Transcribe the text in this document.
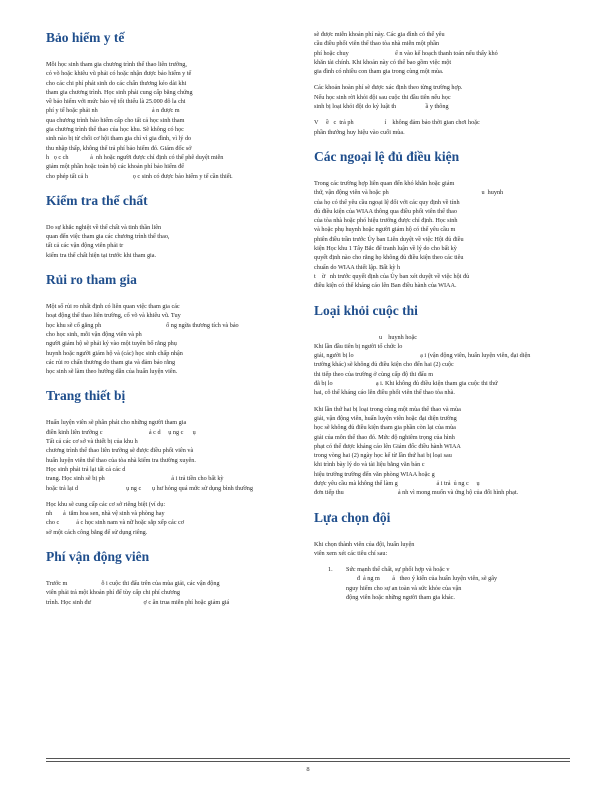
Bảo hiểm y tế
Mỗi học sinh tham gia chương trình thể thao liên trường,
có võ hoặc khiêu vũ phải có hoặc nhận được bảo hiểm y tế
cho các chi phí phát sinh do các chấn thương kéo dài khi
tham gia chương trình. Học sinh phải cung cấp bằng chứng
về bảo hiểm với mức bảo vệ tối thiểu là 25.000 đô la chi
phí y tế hoặc phải nh                                   ả n được m
qua chương trình bảo hiểm cấp cho tất cả học sinh tham
gia chương trình thể thao của học khu. Sẽ không có học
sinh nào bị từ chối cơ hội tham gia chỉ vì gia đình, vì lý do
thu nhập thấp, không thể trả phí bảo hiểm đó. Giám đốc sở
h   ọ c ch              ả  nh hoặc người được chỉ định có thể phê duyệt miễn
giảm một phần hoặc toàn bộ các khoản phí bảo hiểm để
cho phép tất cả h                             ọ c sinh có được bảo hiểm y tế cần thiết.
Kiểm tra thể chất
Do sự khắc nghiệt về thể chất và tinh thần liên
quan đến việc tham gia các chương trình thể thao,
tất cả các vận động viên phải tr
kiểm tra thể chất hiện tại trước khi tham gia.
Rủi ro tham gia
Một số rủi ro nhất định có liên quan việc tham gia các
hoạt động thể thao liên trường, cổ võ và khiêu vũ. Tuy
học khu sẽ cố gắng ph                                          ố ng ngừa thương tích và bảo
cho học sinh, mỗi vận động viên và ph
người giám hộ sẽ phải ký vào một tuyên bố rằng phụ
huynh hoặc người giám hộ và (các) học sinh chấp nhận
các rủi ro chấn thương do tham gia và đảm bảo rằng
học sinh sẽ làm theo hướng dẫn của huấn luyện viên.
Trang thiết bị
Huấn luyện viên sẽ phân phát cho những người tham gia
điền kinh liên trường c                              ả c d     ụ ng c      ụ
Tất cả các cơ sở và thiết bị của khu h
chương trình thể thao liên trường sẽ được điều phối viên và
huấn luyện viên thể thao của tòa nhà kiểm tra thường xuyên.
Học sinh phải trả lại tất cả các d
trang. Học sinh sẽ bị ph                                           ả i trả tiền cho bất kỳ
hoặc trả lại d                               ụ ng c       ụ hư hỏng quá mức sử dụng bình thường
Học khu sẽ cung cấp các cơ sở riêng biệt (ví dụ:
nh       ả  tắm hoa sen, nhà vệ sinh và phòng hay
cho c           ả c học sinh nam và nữ hoặc sắp xếp các cơ
sở một cách công bằng để sử dụng riêng.
Phí vận động viên
Trước m                      ỗ i cuộc thi đấu trên của mùa giải, các vận động
viên phải trả một khoản phí để tùy cấp chi phí chương
trình. Học sinh đư                                  ợ c ân trua miễn phí hoặc giảm giá
sẽ được miễn khoản phí này. Các gia đình có thể yêu
cầu điều phối viên thể thao tòa nhà miễn một phần
phí hoặc chuy                              ể n vào kế hoạch thanh toán nếu thấy khó
khăn tài chính. Khi khoản này có thể bao gồm việc một
gia đình có nhiều con tham gia trong cùng một mùa.
Các khoản hoàn phí sẽ được xác định theo từng trường hợp.
Nếu học sinh rời khỏi đội sau cuộc thi đầu tiên nếu học
sinh bị loại khỏi đội do kỷ luật th                   ầ y thông
V     ề   c  trả ph                    í    không đảm bảo thời gian chơi hoặc
phần thưởng huy hiệu vào cuối mùa.
Các ngoại lệ đủ điều kiện
Trong các trường hợp liên quan đến khó khăn hoặc giảm
thứ, vận động viên và hoặc ph                                                            u  huynh
của họ có thể yêu cầu ngoại lệ đối với các quy định về tính
đủ điều kiện của WIAA thông qua điều phối viên thể thao
của tòa nhà hoặc phó hiệu trưởng được chỉ định. Học sinh
và hoặc phụ huynh hoặc người giám hộ có thể yêu cầu m
phiên điều trần trước Ủy ban Liên duyệt về việc Hội đủ điều
kiện Học khu 1 Tây Bắc để tranh luận về lý do cho bất kỳ
quyết định nào cho rằng họ không đủ điều kiện theo các tiêu
chuẩn do WIAA thiết lập. Bất kỳ h
t    ừ   nh trước quyết định của Ủy ban xét duyệt về việc hội đủ
điều kiện có thể kháng cáo lên Ban điều hành của WIAA.
Loại khỏi cuộc thi
u    huynh hoặc
Khi lần đầu tiên bị người tổ chức lo
giải, người bị lo                                           ạ i (vận động viên, huấn luyện viên, đại diện
trường khác) sẽ không đủ điều kiện cho đến hai (2) cuộc
thi tiếp theo của trường ở cùng cấp độ thi đấu m
đã bị lo                            ạ i. Khi không đủ điều kiện tham gia cuộc thi thứ
hai, cô thể kháng cáo lên điều phối viên thể thao tòa nhà.
Khi lần thứ hai bị loại trong cùng một mùa thể thao và mùa
giải, vận động viên, huấn luyện viên hoặc đại diện trường
học sẽ không đủ điều kiện tham gia phần còn lại của mùa
giải của môn thể thao đó. Mức độ nghiêm trọng của hình
phạt có thể được kháng cáo lên Giám đốc điều hành WIAA
trong vòng hai (2) ngày học kể từ lần thứ hai bị loại sau
khi trình bày lý do và tài liệu bằng văn bản c
hiệu trưởng trường đến văn phòng WIAA hoặc g
được yêu cầu mà không thể làm g                         ả i trả  ủ ng c     ụ
đơn tiếp thu                                   ả nh vì mong muốn và ứng hộ của đối hình phạt.
Lựa chọn đội
Khi chọn thành viên của đội, huấn luyện
viên xem xét các tiêu chí sau:
1.	Sức mạnh thể chất, sự phối hợp và hoặc v
đ  ả ng m        ả   theo ý kiến của huấn luyện viên, sẽ gây
nguy hiểm cho sự an toàn và sức khỏe của vận
động viên hoặc những người tham gia khác.
8
